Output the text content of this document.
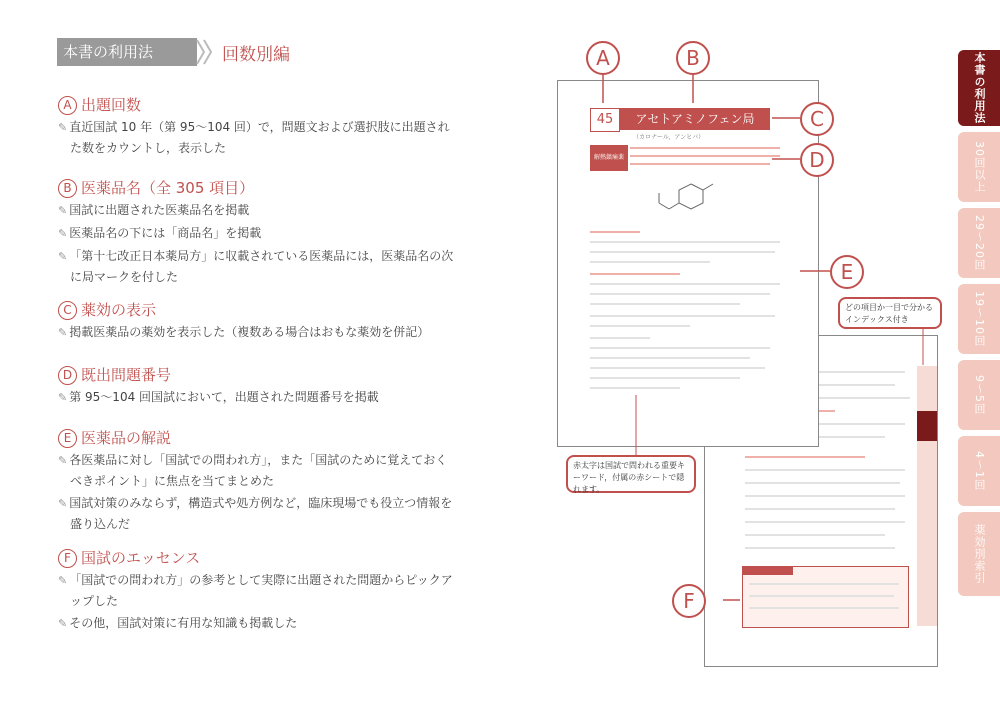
本書の利用法	回数別編
A 出題回数
✎ 直近国試 10 年（第 95～104 回）で，問題文および選択肢に出題された数をカウントし，表示した
B 医薬品名（全 305 項目）
✎ 国試に出題された医薬品名を掲載
✎ 医薬品名の下には「商品名」を掲載
✎ 「第十七改正日本薬局方」に収載されている医薬品には，医薬品名の次に局マークを付した
C 薬効の表示
✎ 掲載医薬品の薬効を表示した（複数ある場合はおもな薬効を併記）
D 既出問題番号
✎ 第 95～104 回国試において，出題された問題番号を掲載
E 医薬品の解説
✎ 各医薬品に対し「国試での問われ方」，また「国試のために覚えておくべきポイント」に焦点を当てまとめた
✎ 国試対策のみならず，構造式や処方例など，臨床現場でも役立つ情報を盛り込んだ
F 国試のエッセンス
✎ 「国試での問われ方」の参考として実際に出題された問題からピックアップした
✎ その他，国試対策に有用な知識も掲載した
45	アセトアミノフェン局
（カロナール，アンヒバ）
解熱鎮痛薬
A	B
C
D
E
F
どの項目か一目で分かるインデックス付き
赤太字は国試で問われる重要キーワード，付属の赤シートで隠れます。
本書の利用法
30回以上
29～20回
19～10回
9～5回
4～1回
薬効別索引
